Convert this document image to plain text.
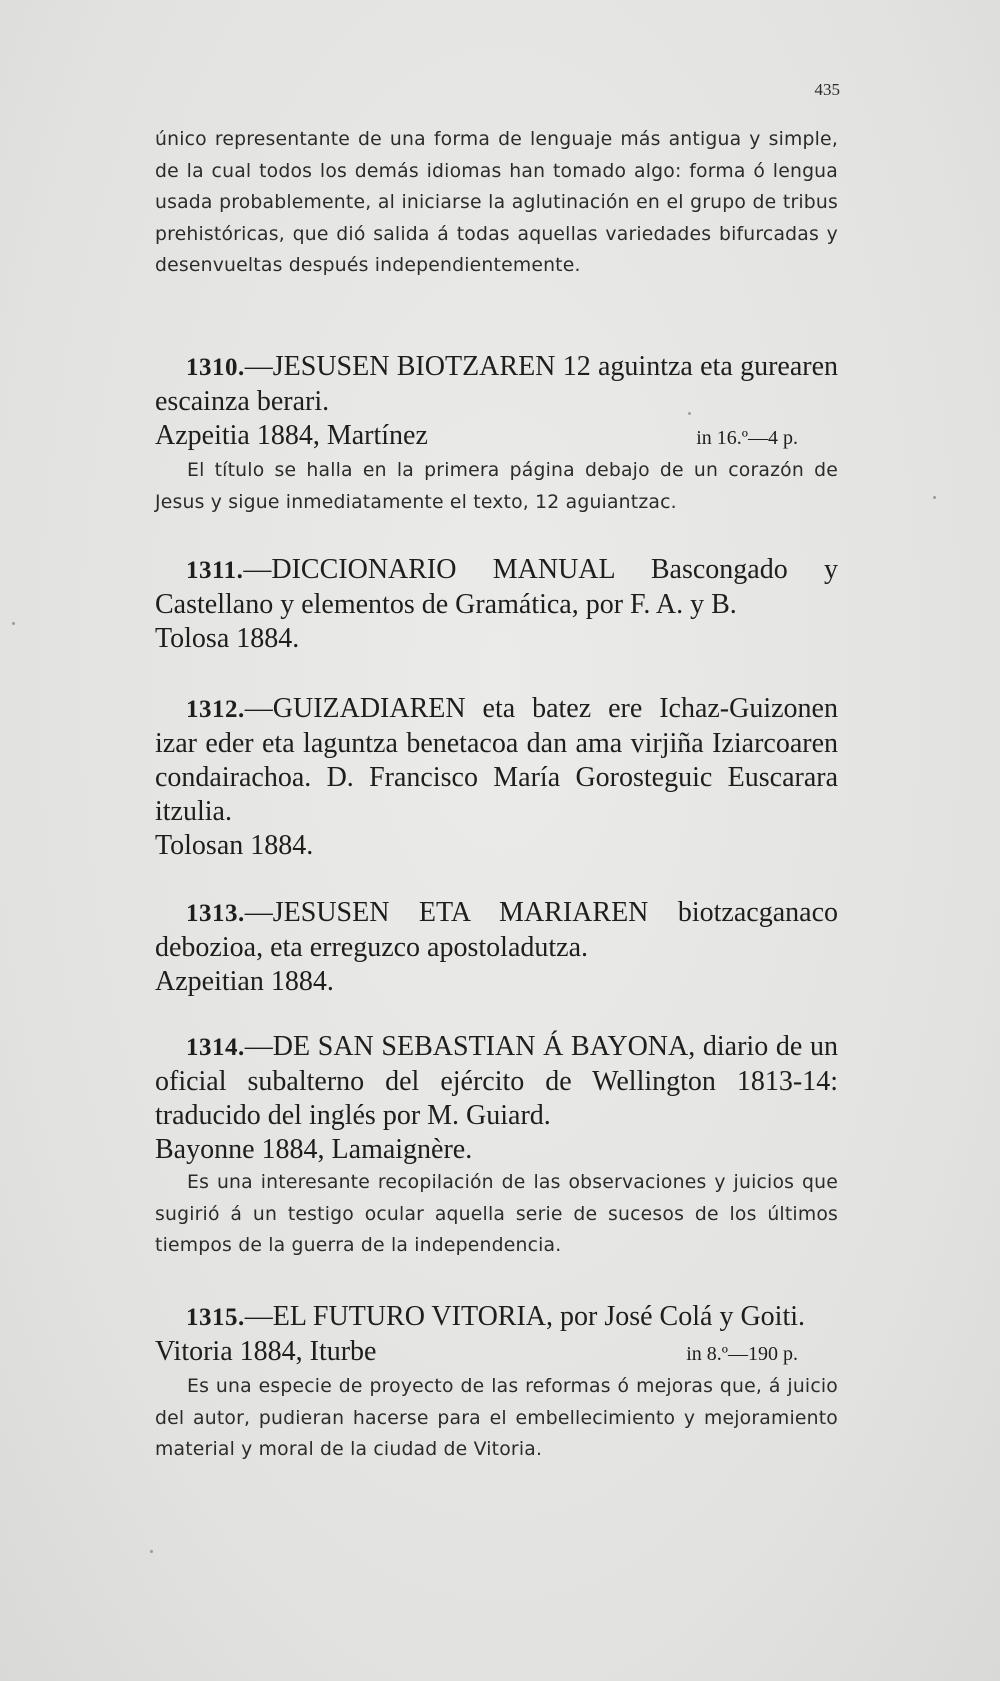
435
único representante de una forma de lenguaje más antigua y simple, de la cual todos los demás idiomas han tomado algo: forma ó lengua usada probablemente, al iniciarse la aglutinación en el grupo de tribus prehistóricas, que dió salida á todas aquellas variedades bifurcadas y desenvueltas después independientemente.
1310.—JESUSEN BIOTZAREN 12 aguintza eta gurearen escainza berari.
Azpeitia 1884, Martínez	in 16.º—4 p.
El título se halla en la primera página debajo de un corazón de Jesus y sigue inmediatamente el texto, 12 aguiantzac.
1311.—DICCIONARIO MANUAL Bascongado y Castellano y elementos de Gramática, por F. A. y B.
Tolosa 1884.
1312.—GUIZADIAREN eta batez ere Ichaz-Guizonen izar eder eta laguntza benetacoa dan ama virjiña Iziarcoaren condairachoa. D. Francisco María Gorosteguic Euscarara itzulia.
Tolosan 1884.
1313.—JESUSEN ETA MARIAREN biotzacganaco debozioa, eta erreguzco apostoladutza.
Azpeitian 1884.
1314.—DE SAN SEBASTIAN Á BAYONA, diario de un oficial subalterno del ejército de Wellington 1813-14: traducido del inglés por M. Guiard.
Bayonne 1884, Lamaignère.
Es una interesante recopilación de las observaciones y juicios que sugirió á un testigo ocular aquella serie de sucesos de los últimos tiempos de la guerra de la independencia.
1315.—EL FUTURO VITORIA, por José Colá y Goiti.
Vitoria 1884, Iturbe	in 8.º—190 p.
Es una especie de proyecto de las reformas ó mejoras que, á juicio del autor, pudieran hacerse para el embellecimiento y mejoramiento material y moral de la ciudad de Vitoria.
